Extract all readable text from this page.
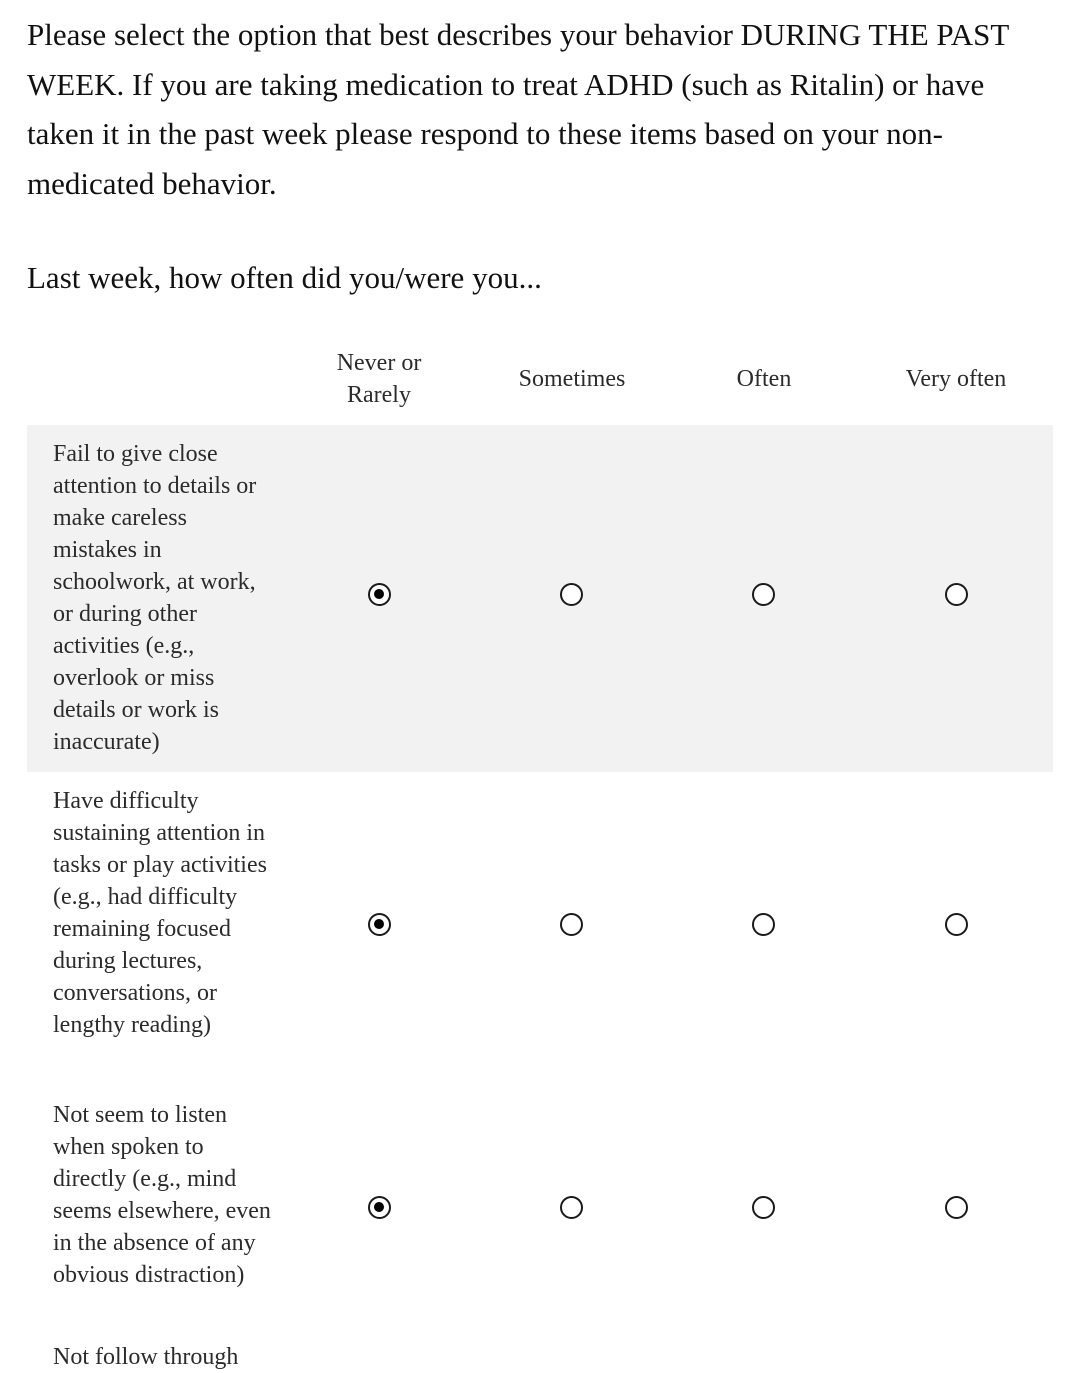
Please select the option that best describes your behavior DURING THE PAST WEEK. If you are taking medication to treat ADHD (such as Ritalin) or have taken it in the past week please respond to these items based on your non-medicated behavior.

Last week, how often did you/were you...

Never or
Rarely
Sometimes	Often	Very often
Fail to give close attention to details or make careless mistakes in schoolwork, at work, or during other activities (e.g., overlook or miss details or work is inaccurate)
Have difficulty sustaining attention in tasks or play activities (e.g., had difficulty remaining focused during lectures, conversations, or lengthy reading)
Not seem to listen when spoken to directly (e.g., mind seems elsewhere, even in the absence of any obvious distraction)
Not follow through
